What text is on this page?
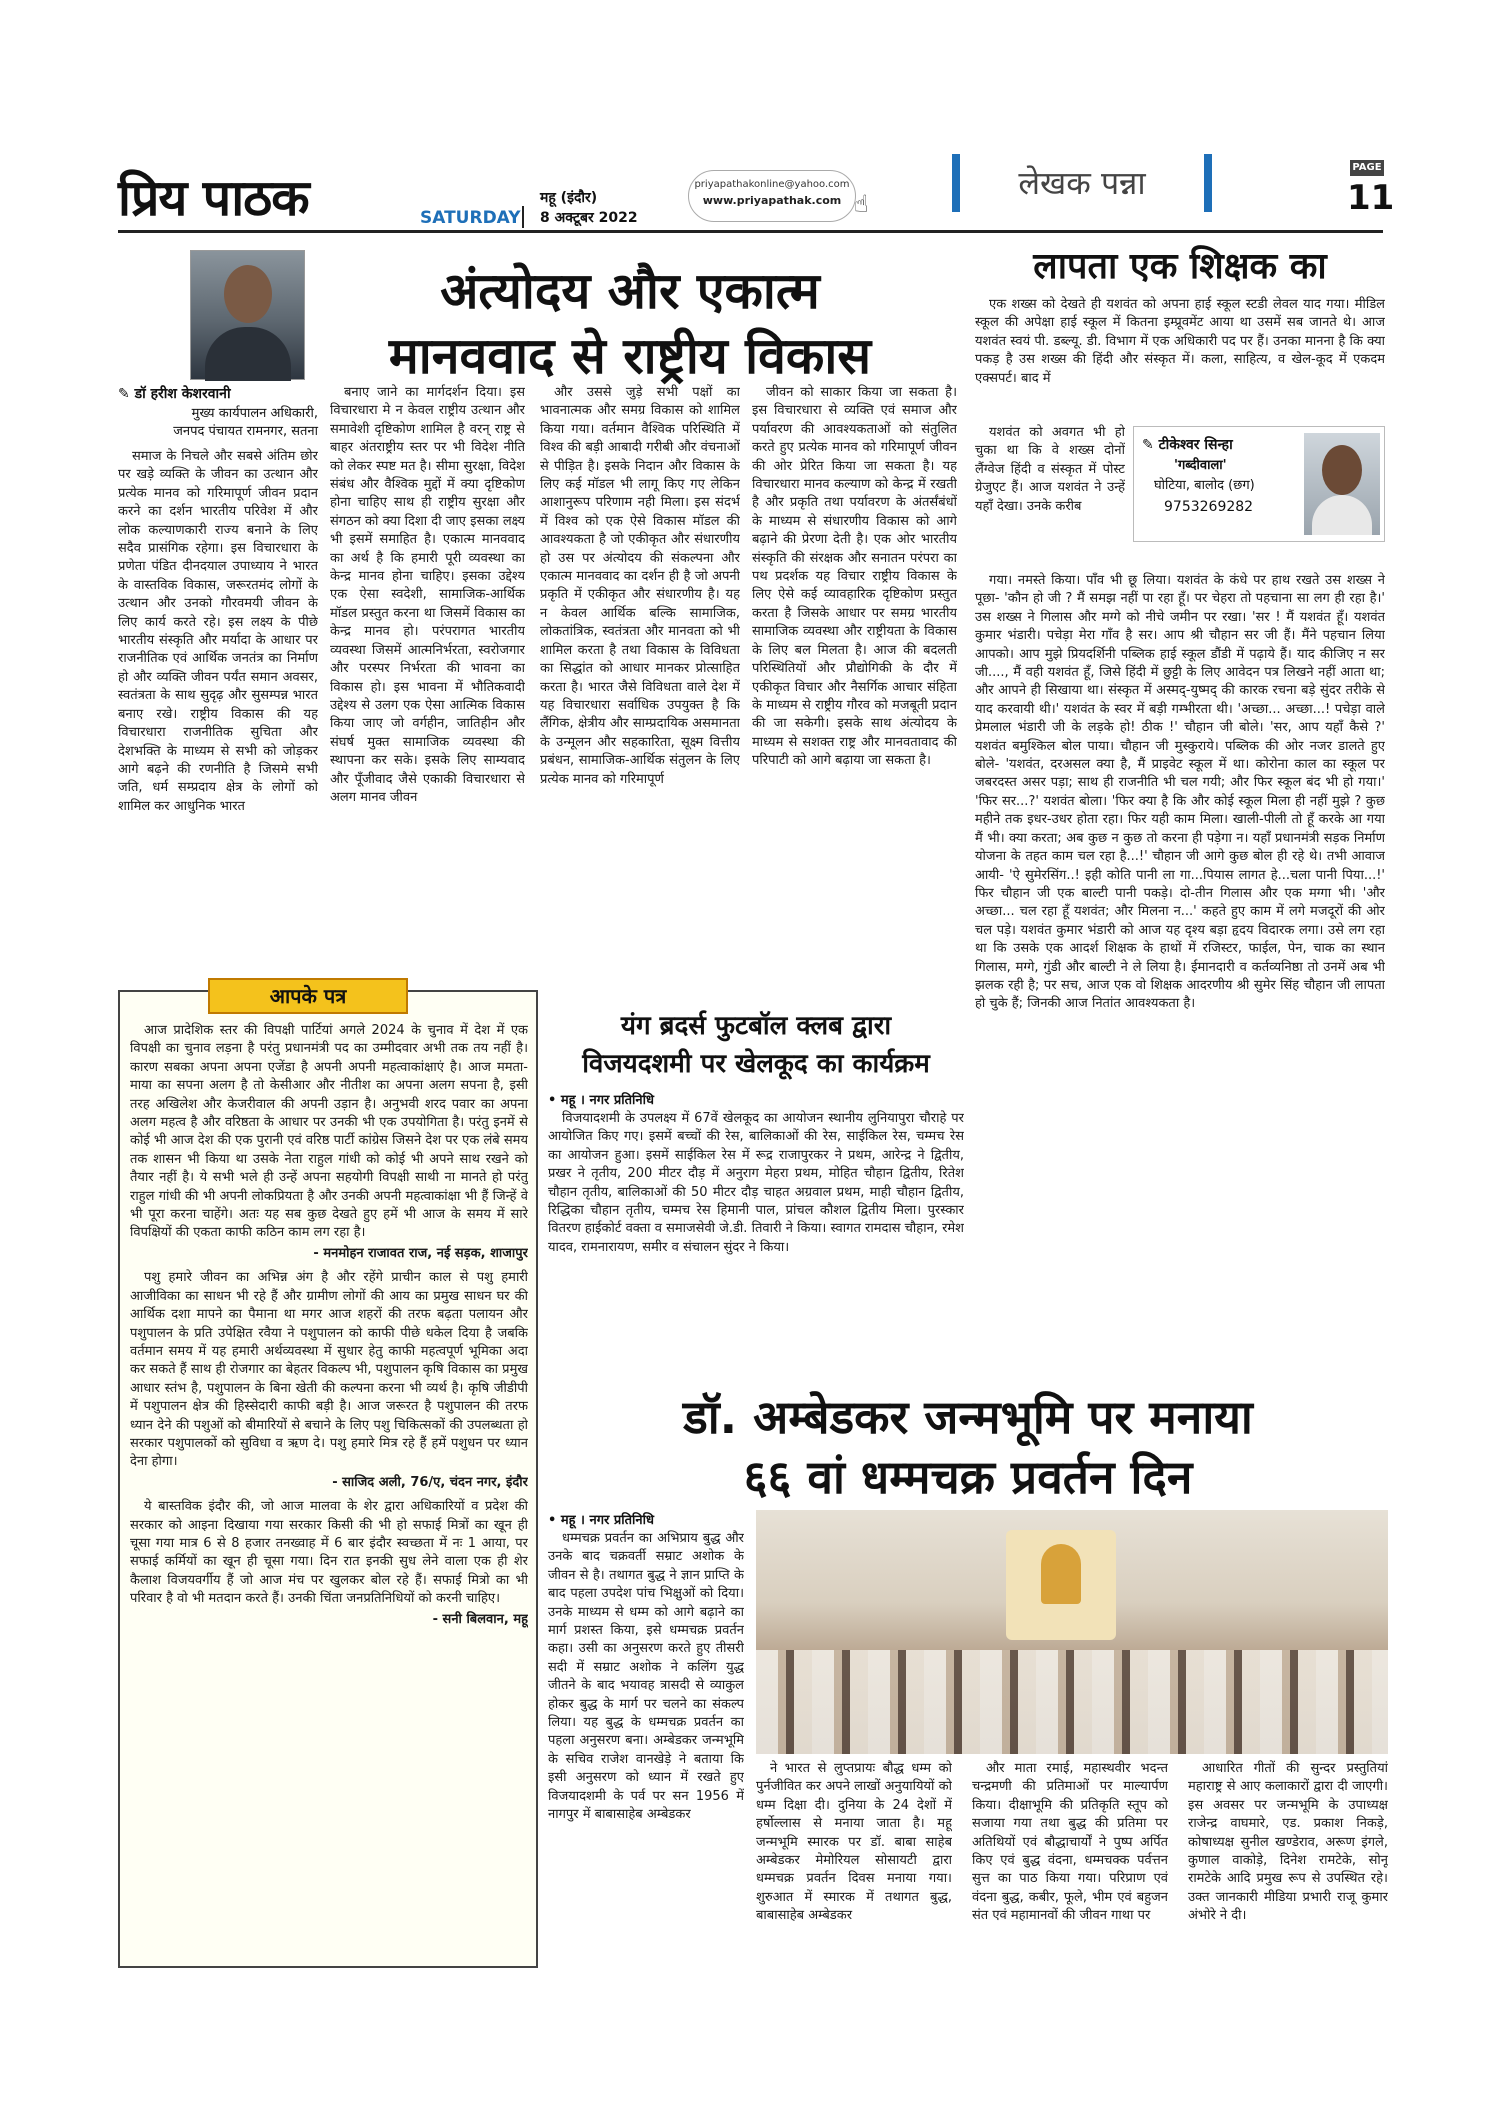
प्रिय पाठक	महू (इंदौर)
SATURDAY 8 अक्टूबर 2022
priyapathakonline@yahoo.com
www.priyapathak.com ☝
लेखक पन्ना	PAGE
11
अंत्योदय और एकात्म
मानववाद से राष्ट्रीय विकास
✎ डॉ हरीश केशरवानी
मुख्य कार्यपालन अधिकारी,
जनपद पंचायत रामनगर, सतना

समाज के निचले और सबसे अंतिम छोर पर खड़े व्यक्ति के जीवन का उत्थान और प्रत्येक मानव को गरिमापूर्ण जीवन प्रदान करने का दर्शन भारतीय परिवेश में और लोक कल्याणकारी राज्य बनाने के लिए सदैव प्रासंगिक रहेगा। इस विचारधारा के प्रणेता पंडित दीनदयाल उपाध्याय ने भारत के वास्तविक विकास, जरूरतमंद लोगों के उत्थान और उनको गौरवमयी जीवन के लिए कार्य करते रहे। इस लक्ष्य के पीछे भारतीय संस्कृति और मर्यादा के आधार पर राजनीतिक एवं आर्थिक जनतंत्र का निर्माण हो और व्यक्ति जीवन पर्यंत समान अवसर, स्वतंत्रता के साथ सुदृढ़ और सुसम्पन्न भारत बनाए रखे। राष्ट्रीय विकास की यह विचारधारा राजनीतिक सुचिता और देशभक्ति के माध्यम से सभी को जोड़कर आगे बढ़ने की रणनीति है जिसमे सभी जति, धर्म सम्प्रदाय क्षेत्र के लोगों को शामिल कर आधुनिक भारत

बनाए जाने का मार्गदर्शन दिया। इस विचारधारा मे न केवल राष्ट्रीय उत्थान और समावेशी दृष्टिकोण शामिल है वरन् राष्ट्र से बाहर अंतराष्ट्रीय स्तर पर भी विदेश नीति को लेकर स्पष्ट मत है। सीमा सुरक्षा, विदेश संबंध और वैश्विक मुद्दों में क्या दृष्टिकोण होना चाहिए साथ ही राष्ट्रीय सुरक्षा और संगठन को क्या दिशा दी जाए इसका लक्ष्य भी इसमें समाहित है। एकात्म मानववाद का अर्थ है कि हमारी पूरी व्यवस्था का केन्द्र मानव होना चाहिए। इसका उद्देश्य एक ऐसा स्वदेशी, सामाजिक-आर्थिक मॉडल प्रस्तुत करना था जिसमें विकास का केन्द्र मानव हो। परंपरागत भारतीय व्यवस्था जिसमें आत्मनिर्भरता, स्वरोजगार और परस्पर निर्भरता की भावना का विकास हो। इस भावना में भौतिकवादी उद्देश्य से उलग एक ऐसा आत्मिक विकास किया जाए जो वर्गहीन, जातिहीन और संघर्ष मुक्त सामाजिक व्यवस्था की स्थापना कर सके। इसके लिए साम्यवाद और पूँजीवाद जैसे एकाकी विचारधारा से अलग मानव जीवन

और उससे जुड़े सभी पक्षों का भावनात्मक और समग्र विकास को शामिल किया गया। वर्तमान वैश्विक परिस्थिति में विश्व की बड़ी आबादी गरीबी और वंचनाओं से पीड़ित है। इसके निदान और विकास के लिए कई मॉडल भी लागू किए गए लेकिन आशानुरूप परिणाम नही मिला। इस संदर्भ में विश्व को एक ऐसे विकास मॉडल की आवश्यकता है जो एकीकृत और संधारणीय हो उस पर अंत्योदय की संकल्पना और एकात्म मानववाद का दर्शन ही है जो अपनी प्रकृति में एकीकृत और संधारणीय है। यह न केवल आर्थिक बल्कि सामाजिक, लोकतांत्रिक, स्वतंत्रता और मानवता को भी शामिल करता है तथा विकास के विविधता का सिद्धांत को आधार मानकर प्रोत्साहित करता है। भारत जैसे विविधता वाले देश में यह विचारधारा सर्वाधिक उपयुक्त है कि लैंगिक, क्षेत्रीय और साम्प्रदायिक असमानता के उन्मूलन और सहकारिता, सूक्ष्म वित्तीय प्रबंधन, सामाजिक-आर्थिक संतुलन के लिए प्रत्येक मानव को गरिमापूर्ण

जीवन को साकार किया जा सकता है। इस विचारधारा से व्यक्ति एवं समाज और पर्यावरण की आवश्यकताओं को संतुलित करते हुए प्रत्येक मानव को गरिमापूर्ण जीवन की ओर प्रेरित किया जा सकता है। यह विचारधारा मानव कल्याण को केन्द्र में रखती है और प्रकृति तथा पर्यावरण के अंतर्संबंधों के माध्यम से संधारणीय विकास को आगे बढ़ाने की प्रेरणा देती है। एक ओर भारतीय संस्कृति की संरक्षक और सनातन परंपरा का पथ प्रदर्शक यह विचार राष्ट्रीय विकास के लिए ऐसे कई व्यावहारिक दृष्टिकोण प्रस्तुत करता है जिसके आधार पर समग्र भारतीय सामाजिक व्यवस्था और राष्ट्रीयता के विकास के लिए बल मिलता है। आज की बदलती परिस्थितियों और प्रौद्योगिकी के दौर में एकीकृत विचार और नैसर्गिक आचार संहिता के माध्यम से राष्ट्रीय गौरव को मजबूती प्रदान की जा सकेगी। इसके साथ अंत्योदय के माध्यम से सशक्त राष्ट्र और मानवतावाद की परिपाटी को आगे बढ़ाया जा सकता है।

लापता एक शिक्षक का

एक शख्स को देखते ही यशवंत को अपना हाई स्कूल स्टडी लेवल याद गया। मीडिल स्कूल की अपेक्षा हाई स्कूल में कितना इम्प्रूवमेंट आया था उसमें सब जानते थे। आज यशवंत स्वयं पी. डब्ल्यू. डी. विभाग में एक अधिकारी पद पर हैं। उनका मानना है कि क्या पकड़ है उस शख्स की हिंदी और संस्कृत में। कला, साहित्य, व खेल-कूद में एकदम एक्सपर्ट। बाद में

यशवंत को अवगत भी हो चुका था कि वे शख्स दोनों लैंग्वेज हिंदी व संस्कृत में पोस्ट ग्रेजुएट हैं। आज यशवंत ने उन्हें यहाँ देखा। उनके करीब

✎ टीकेश्वर सिन्हा
'गब्दीवाला'
घोटिया, बालोद (छग)
9753269282

गया। नमस्ते किया। पाँव भी छू लिया। यशवंत के कंधे पर हाथ रखते उस शख्स ने पूछा- 'कौन हो जी ? मैं समझ नहीं पा रहा हूँ। पर चेहरा तो पहचाना सा लग ही रहा है।' उस शख्स ने गिलास और मग्गे को नीचे जमीन पर रखा। 'सर ! मैं यशवंत हूँ। यशवंत कुमार भंडारी। पचेड़ा मेरा गाँव है सर। आप श्री चौहान सर जी हैं। मैंने पहचान लिया आपको। आप मुझे प्रियदर्शिनी पब्लिक हाई स्कूल डौंडी में पढ़ाये हैं। याद कीजिए न सर जी...., मैं वही यशवंत हूँ, जिसे हिंदी में छुट्टी के लिए आवेदन पत्र लिखने नहीं आता था; और आपने ही सिखाया था। संस्कृत में अस्मद्-युष्मद् की कारक रचना बड़े सुंदर तरीके से याद करवायी थी।' यशवंत के स्वर में बड़ी गम्भीरता थी। 'अच्छा... अच्छा...! पचेड़ा वाले प्रेमलाल भंडारी जी के लड़के हो! ठीक !' चौहान जी बोले। 'सर, आप यहाँ कैसे ?' यशवंत बमुश्किल बोल पाया। चौहान जी मुस्कुराये। पब्लिक की ओर नजर डालते हुए बोले- 'यशवंत, दरअसल क्या है, मैं प्राइवेट स्कूल में था। कोरोना काल का स्कूल पर जबरदस्त असर पड़ा; साथ ही राजनीति भी चल गयी; और फिर स्कूल बंद भी हो गया।' 'फिर सर...?' यशवंत बोला। 'फिर क्या है कि और कोई स्कूल मिला ही नहीं मुझे ? कुछ महीने तक इधर-उधर होता रहा। फिर यही काम मिला। खाली-पीली तो हूँ करके आ गया मैं भी। क्या करता; अब कुछ न कुछ तो करना ही पड़ेगा न। यहाँ प्रधानमंत्री सड़क निर्माण योजना के तहत काम चल रहा है...!' चौहान जी आगे कुछ बोल ही रहे थे। तभी आवाज आयी- 'ऐ सुमेरसिंग..! इही कोति पानी ला गा...पियास लागत हे...चला पानी पिया...!' फिर चौहान जी एक बाल्टी पानी पकड़े। दो-तीन गिलास और एक मग्गा भी। 'और अच्छा... चल रहा हूँ यशवंत; और मिलना न...' कहते हुए काम में लगे मजदूरों की ओर चल पड़े। यशवंत कुमार भंडारी को आज यह दृश्य बड़ा हृदय विदारक लगा। उसे लग रहा था कि उसके एक आदर्श शिक्षक के हाथों में रजिस्टर, फाईल, पेन, चाक का स्थान गिलास, मग्गे, गुंडी और बाल्टी ने ले लिया है। ईमानदारी व कर्तव्यनिष्ठा तो उनमें अब भी झलक रही है; पर सच, आज एक वो शिक्षक आदरणीय श्री सुमेर सिंह चौहान जी लापता हो चुके हैं; जिनकी आज नितांत आवश्यकता है।

आपके पत्र

आज प्रादेशिक स्तर की विपक्षी पार्टियां अगले 2024 के चुनाव में देश में एक विपक्षी का चुनाव लड़ना है परंतु प्रधानमंत्री पद का उम्मीदवार अभी तक तय नहीं है। कारण सबका अपना अपना एजेंडा है अपनी अपनी महत्वाकांक्षाएं है। आज ममता-माया का सपना अलग है तो केसीआर और नीतीश का अपना अलग सपना है, इसी तरह अखिलेश और केजरीवाल की अपनी उड़ान है। अनुभवी शरद पवार का अपना अलग महत्व है और वरिष्ठता के आधार पर उनकी भी एक उपयोगिता है। परंतु इनमें से कोई भी आज देश की एक पुरानी एवं वरिष्ठ पार्टी कांग्रेस जिसने देश पर एक लंबे समय तक शासन भी किया था उसके नेता राहुल गांधी को कोई भी अपने साथ रखने को तैयार नहीं है। ये सभी भले ही उन्हें अपना सहयोगी विपक्षी साथी ना मानते हो परंतु राहुल गांधी की भी अपनी लोकप्रियता है और उनकी अपनी महत्वाकांक्षा भी हैं जिन्हें वे भी पूरा करना चाहेंगे। अतः यह सब कुछ देखते हुए हमें भी आज के समय में सारे विपक्षियों की एकता काफी कठिन काम लग रहा है।

- मनमोहन राजावत राज, नई सड़क, शाजापुर

पशु हमारे जीवन का अभिन्न अंग है और रहेंगे प्राचीन काल से पशु हमारी आजीविका का साधन भी रहे हैं और ग्रामीण लोगों की आय का प्रमुख साधन घर की आर्थिक दशा मापने का पैमाना था मगर आज शहरों की तरफ बढ़ता पलायन और पशुपालन के प्रति उपेक्षित रवैया ने पशुपालन को काफी पीछे धकेल दिया है जबकि वर्तमान समय में यह हमारी अर्थव्यवस्था में सुधार हेतु काफी महत्वपूर्ण भूमिका अदा कर सकते हैं साथ ही रोजगार का बेहतर विकल्प भी, पशुपालन कृषि विकास का प्रमुख आधार स्तंभ है, पशुपालन के बिना खेती की कल्पना करना भी व्यर्थ है। कृषि जीडीपी में पशुपालन क्षेत्र की हिस्सेदारी काफी बड़ी है। आज जरूरत है पशुपालन की तरफ ध्यान देने की पशुओं को बीमारियों से बचाने के लिए पशु चिकित्सकों की उपलब्धता हो सरकार पशुपालकों को सुविधा व ऋण दे। पशु हमारे मित्र रहे हैं हमें पशुधन पर ध्यान देना होगा।

- साजिद अली, 76/ए, चंदन नगर, इंदौर

ये बास्तविक इंदौर की, जो आज मालवा के शेर द्वारा अधिकारियों व प्रदेश की सरकार को आइना दिखाया गया सरकार किसी की भी हो सफाई मित्रों का खून ही चूसा गया मात्र 6 से 8 हजार तनख्वाह में 6 बार इंदौर स्वच्छता में नः 1 आया, पर सफाई कर्मियों का खून ही चूसा गया। दिन रात इनकी सुध लेने वाला एक ही शेर कैलाश विजयवर्गीय हैं जो आज मंच पर खुलकर बोल रहे हैं। सफाई मित्रो का भी परिवार है वो भी मतदान करते हैं। उनकी चिंता जनप्रतिनिधियों को करनी चाहिए।

- सनी बिलवान, महू

यंग ब्रदर्स फुटबॉल क्लब द्वारा
विजयदशमी पर खेलकूद का कार्यक्रम
• महू । नगर प्रतिनिधि

विजयादशमी के उपलक्ष्य में 67वें खेलकूद का आयोजन स्थानीय लुनियापुरा चौराहे पर आयोजित किए गए। इसमें बच्चों की रेस, बालिकाओं की रेस, साईकिल रेस, चम्मच रेस का आयोजन हुआ। इसमें साईकिल रेस में रूद्र राजापुरकर ने प्रथम, आरेन्द्र ने द्वितीय, प्रखर ने तृतीय, 200 मीटर दौड़ में अनुराग मेहरा प्रथम, मोहित चौहान द्वितीय, रितेश चौहान तृतीय, बालिकाओं की 50 मीटर दौड़ चाहत अग्रवाल प्रथम, माही चौहान द्वितीय, रिद्धिका चौहान तृतीय, चम्मच रेस हिमानी पाल, प्रांचल कौशल द्वितीय मिला। पुरस्कार वितरण हाईकोर्ट वक्ता व समाजसेवी जे.डी. तिवारी ने किया। स्वागत रामदास चौहान, रमेश यादव, रामनारायण, समीर व संचालन सुंदर ने किया।

डॉ. अम्बेडकर जन्मभूमि पर मनाया
६६ वां धम्मचक्र प्रवर्तन दिन
• महू । नगर प्रतिनिधि

धम्मचक्र प्रवर्तन का अभिप्राय बुद्ध और उनके बाद चक्रवर्ती सम्राट अशोक के जीवन से है। तथागत बुद्ध ने ज्ञान प्राप्ति के बाद पहला उपदेश पांच भिक्षुओं को दिया। उनके माध्यम से धम्म को आगे बढ़ाने का मार्ग प्रशस्त किया, इसे धम्मचक्र प्रवर्तन कहा। उसी का अनुसरण करते हुए तीसरी सदी में सम्राट अशोक ने कलिंग युद्ध जीतने के बाद भयावह त्रासदी से व्याकुल होकर बुद्ध के मार्ग पर चलने का संकल्प लिया। यह बुद्ध के धम्मचक्र प्रवर्तन का पहला अनुसरण बना। अम्बेडकर जन्मभूमि के सचिव राजेश वानखेड़े ने बताया कि इसी अनुसरण को ध्यान में रखते हुए विजयादशमी के पर्व पर सन 1956 में नागपुर में बाबासाहेब अम्बेडकर

ने भारत से लुप्तप्रायः बौद्ध धम्म को पुर्नजीवित कर अपने लाखों अनुयायियों को धम्म दिक्षा दी। दुनिया के 24 देशों में हर्षोल्लास से मनाया जाता है। महू जन्मभूमि स्मारक पर डॉ. बाबा साहेब अम्बेडकर मेमोरियल सोसायटी द्वारा धम्मचक्र प्रवर्तन दिवस मनाया गया। शुरुआत में स्मारक में तथागत बुद्ध, बाबासाहेब अम्बेडकर

और माता रमाई, महास्थवीर भदन्त चन्द्रमणी की प्रतिमाओं पर माल्यार्पण किया। दीक्षाभूमि की प्रतिकृति स्तूप को सजाया गया तथा बुद्ध की प्रतिमा पर अतिथियों एवं बौद्धाचार्यों ने पुष्प अर्पित किए एवं बुद्ध वंदना, धम्मचक्क पर्वत्तन सुत्त का पाठ किया गया। परिप्राण एवं वंदना बुद्ध, कबीर, फूले, भीम एवं बहुजन संत एवं महामानवों की जीवन गाथा पर

आधारित गीतों की सुन्दर प्रस्तुतियां महाराष्ट्र से आए कलाकारों द्वारा दी जाएगी। इस अवसर पर जन्मभूमि के उपाध्यक्ष राजेन्द्र वाघमारे, एड. प्रकाश निकड़े, कोषाध्यक्ष सुनील खण्डेराव, अरूण इंगले, कुणाल वाकोड़े, दिनेश रामटेके, सोनू रामटेके आदि प्रमुख रूप से उपस्थित रहे। उक्त जानकारी मीडिया प्रभारी राजू कुमार अंभोरे ने दी।
